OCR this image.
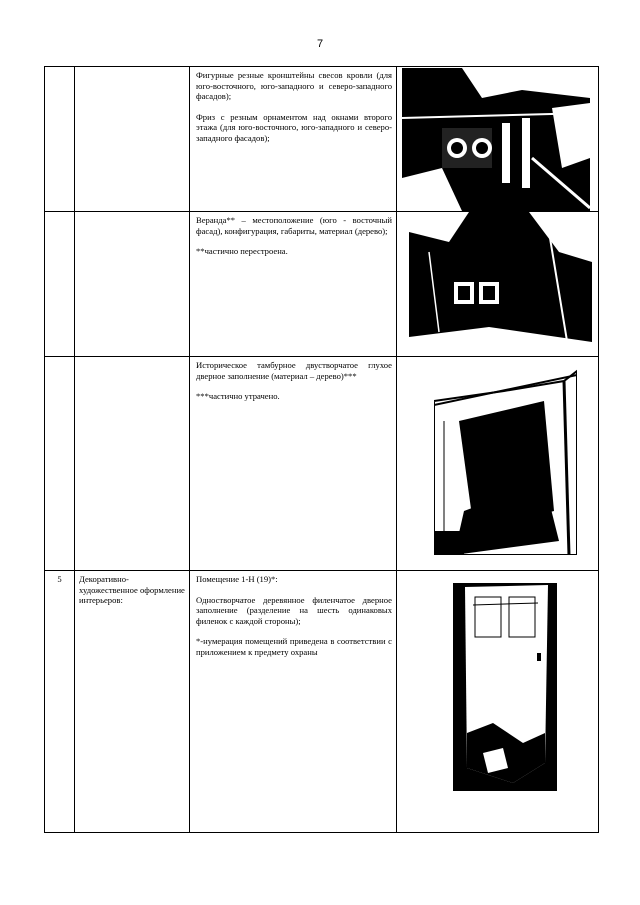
7

		Фигурные резные кронштейны свесов кровли (для юго-восточного, юго-западного и северо-западного фасадов);

Фриз с резным орнаментом над окнами второго этажа (для юго-восточного, юго-западного и северо-западного фасадов);

		Веранда** – местоположение (юго - восточный фасад), конфигурация, габариты, материал (дерево);

**частично перестроена.

		Историческое тамбурное двустворчатое глухое дверное заполнение (материал – дерево)***

***частично утрачено.

5	Декоративно-художественное оформление интерьеров:	Помещение 1-Н (19)*:

Одностворчатое деревянное филенчатое дверное заполнение (разделение на шесть одинаковых филенок с каждой стороны);

*-нумерация помещений приведена в соответствии с приложением к предмету охраны
